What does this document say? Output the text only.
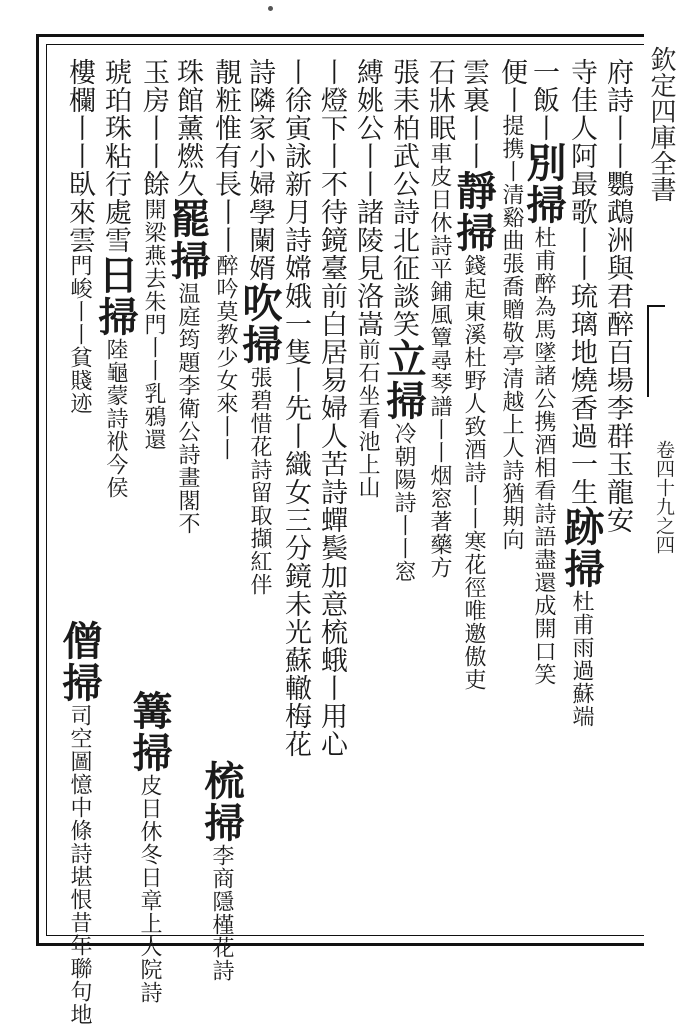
欽定四庫全書
卷四十九之四
府詩丨丨鸚鵡洲與君醉百場李群玉龍安
寺佳人阿最歌丨丨琉璃地燒香過一生跡掃杜甫雨過蘇端
一飯丨別掃杜甫醉為馬墜諸公携酒相看詩語盡還成開口笑
便丨提携丨清谿曲張喬贈敬亭清越上人詩猶期向
雲裏丨丨靜掃錢起東溪杜野人致酒詩丨丨寒花徑唯邀傲吏
石牀眠車皮日休詩平鋪風簟尋琴譜丨丨烟窓著藥方
張耒柏武公詩北征談笑立掃冷朝陽詩丨丨窓
縛姚公丨丨諸陵見洛嵩前石坐看池上山
丨燈下丨不待鏡臺前白居易婦人苦詩蟬鬓加意梳蛾丨用心
丨徐寅詠新月詩嫦娥一隻丨先丨織女三分鏡未光蘇轍梅花
詩隣家小婦學闌婿吹掃張碧惜花詩留取擷紅伴
靚粧惟有長丨丨醉吟莫教少女來丨丨
珠館薰燃久罷掃温庭筠題李衛公詩畫閣不
玉房丨丨餘開梁燕去朱門丨丨乳鴉還
琥珀珠粘行處雪日掃陸龜蒙詩袱今侯
樓欄丨丨臥來雲門峻丨丨貧賤迹
僧掃司空圖憶中條詩堪恨昔年聯句地 篝掃皮日休冬日章上人院詩 梳掃李商隱槿花詩
